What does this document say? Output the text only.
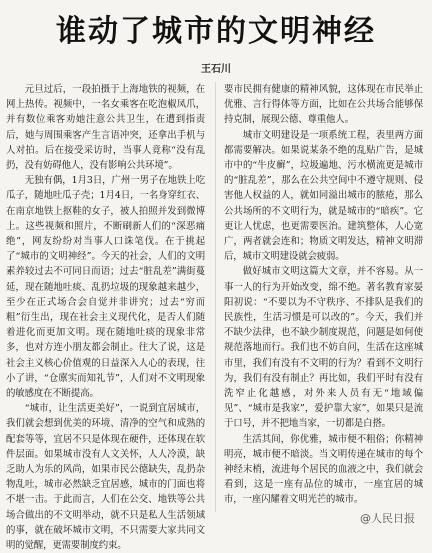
谁动了城市的文明神经
王石川

元旦过后，一段拍摄于上海地铁的视频，在网上热传。视频中，一名女乘客在吃泡椒凤爪，并有数位乘客劝她注意公共卫生，在遭到指责后，她与周围乘客产生言语冲突，还拿出手机与人对拍。后在接受采访时，当事人竟称“没有乱扔，没有妨碍他人，没有影响公共环境”。

无独有偶，1月3日，广州一男子在地铁上吃瓜子，随地吐瓜子壳；1月4日，一名身穿红衣、在南京地铁上抠鞋的女子，被人拍照并发到微博上。这些视频和照片，不断刷新人们的“深恶痛绝”，网友纷纷对当事人口诛笔伐。在于挑起了“城市的文明神经”。今天的社会，人们的文明素养较过去不可同日而语；过去“脏乱差”满街蔓延，现在随地吐痰、乱扔垃圾的现象越来越少，至少在正式场合会自觉并非讲究；过去“穷而粗”衍生出，现在社会主义现代化，是否人们随着进化而更加文明。现在随地吐痰的现象非常多，也对方连小朋友都会制止。往大了说，这是社会主义核心价值观的日益深入人心的表现，往小了讲，“仓廪实而知礼节”，人们对不文明现象的敏感度在不断提高。

“城市，让生活更美好”，一说到宜居城市，我们就会想到优美的环境、清净的空气和成熟的配套等等，宜居不只是体现在硬件，还体现在软件层面。如果城市没有人文关怀，人人冷漠，缺乏助人为乐的风尚，如果市民公德缺失，乱扔杂物乱吐，城市必然缺乏宜居感，城市的门面也将不堪一击。于此而言，人们在公交、地铁等公共场合做出的不文明举动，就不只是私人生活领域的事，就在破坏城市文明，不只需要大家共同文明的觉醒，更需要制度约束。

要市民拥有健康的精神风貌，这体现在市民举止优雅、言行得体等方面，比如在公共场合能够保持克制，展现公德、尊重他人。

城市文明建设是一项系统工程，表里两方面都需要解决。如果说某条不绝的乱贴广告，是城市中的“牛皮癣”，垃圾遍地、污水横流更是城市的“脏乱差”，那么在公共空间中不遵守规则、侵害他人权益的人，就如同溢出城市的脓疮，那么公共场所的不文明行为，就是城市的“暗疾”。它更让人忧虑，也更需要医治。建筑整体，人心宽广，两者就会连和；物质文明发达，精神文明滞后，城市文明建设就会疲弱。

做好城市文明这篇大文章，并不容易。从一事一人的行为开始改变，绵不绝。著名教育家晏阳初说：“不要以为不守秩序、不排队是我们的民族性，生活习惯是可以改的”。今天，我们并不缺少法律，也不缺少制度规范，问题是如何使规范落地而行。我们也不妨自问，生活在这座城市里，我们有没有不文明的行为？看到不文明行为，我们有没有制止？再比如，我们平时有没有洗窄止化越感，对外来人员有无“地域偏见”、“城市是我家”，爱护靠大家”，如果只是流于口号，并不把地当家，一切都是白搭。

生活其间，你优雅，城市便不粗俗；你精神明亮，城市便不暗淡。当文明传递在城市的每个神经末梢，流进每个居民的血液之中，我们就会看到，这是一座有品位的城市，一座宜居的城市，一座闪耀着文明光芒的城市。

@人民日报
